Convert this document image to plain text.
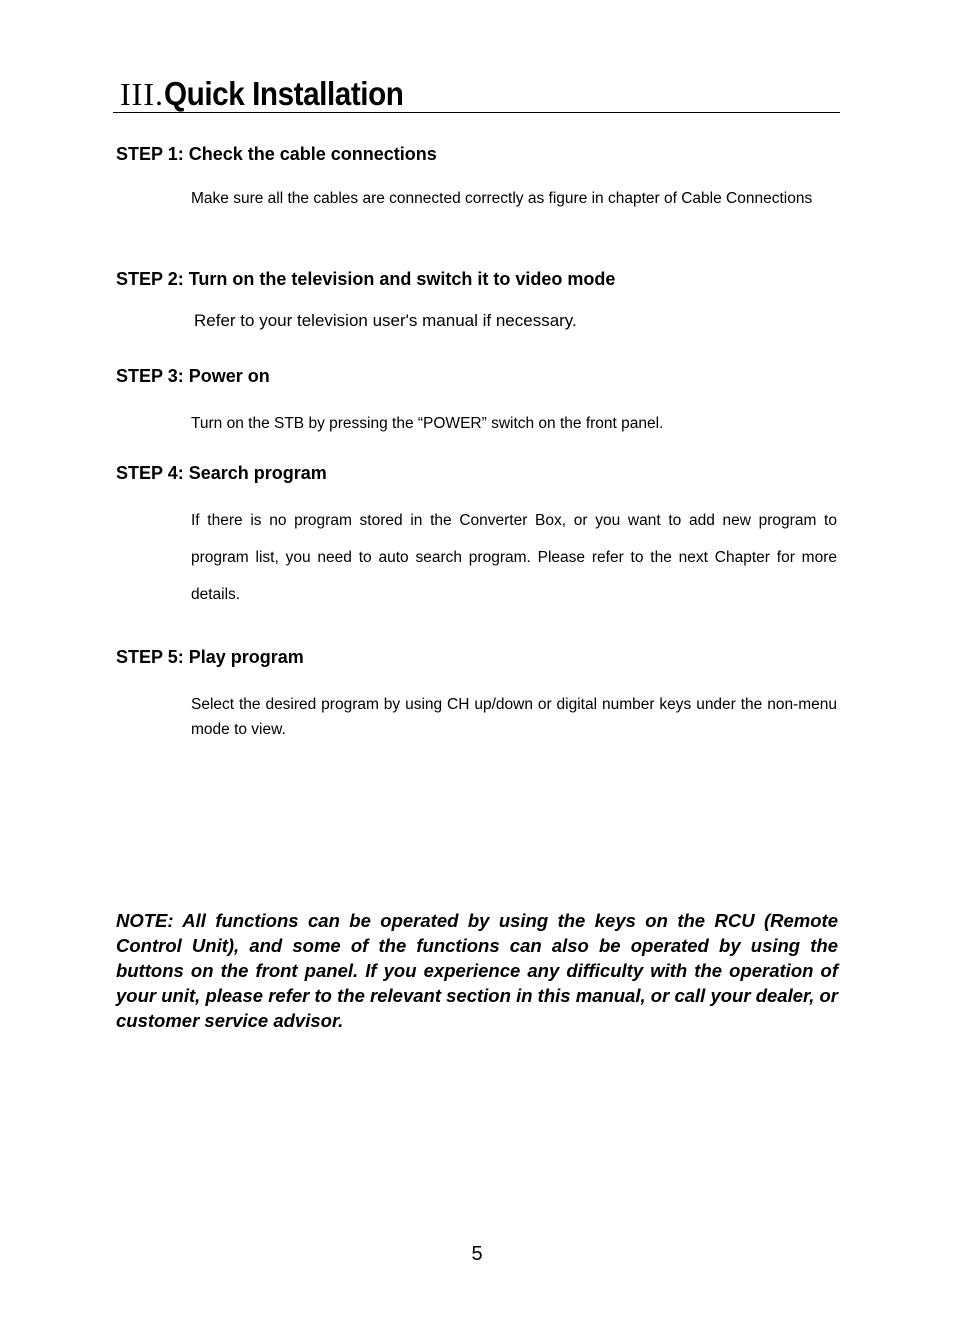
III.Quick Installation
STEP 1: Check the cable connections

Make sure all the cables are connected correctly as figure in chapter of Cable Connections

STEP 2: Turn on the television and switch it to video mode

Refer to your television user's manual if necessary.

STEP 3: Power on

Turn on the STB by pressing the “POWER” switch on the front panel.

STEP 4: Search program

If there is no program stored in the Converter Box, or you want to add new program to program list, you need to auto search program. Please refer to the next Chapter for more details.

STEP 5: Play program

Select the desired program by using CH up/down or digital number keys under the non-menu mode to view.

NOTE: All functions can be operated by using the keys on the RCU (Remote Control Unit), and some of the functions can also be operated by using the buttons on the front panel. If you experience any difficulty with the operation of your unit, please refer to the relevant section in this manual, or call your dealer, or customer service advisor.

5
